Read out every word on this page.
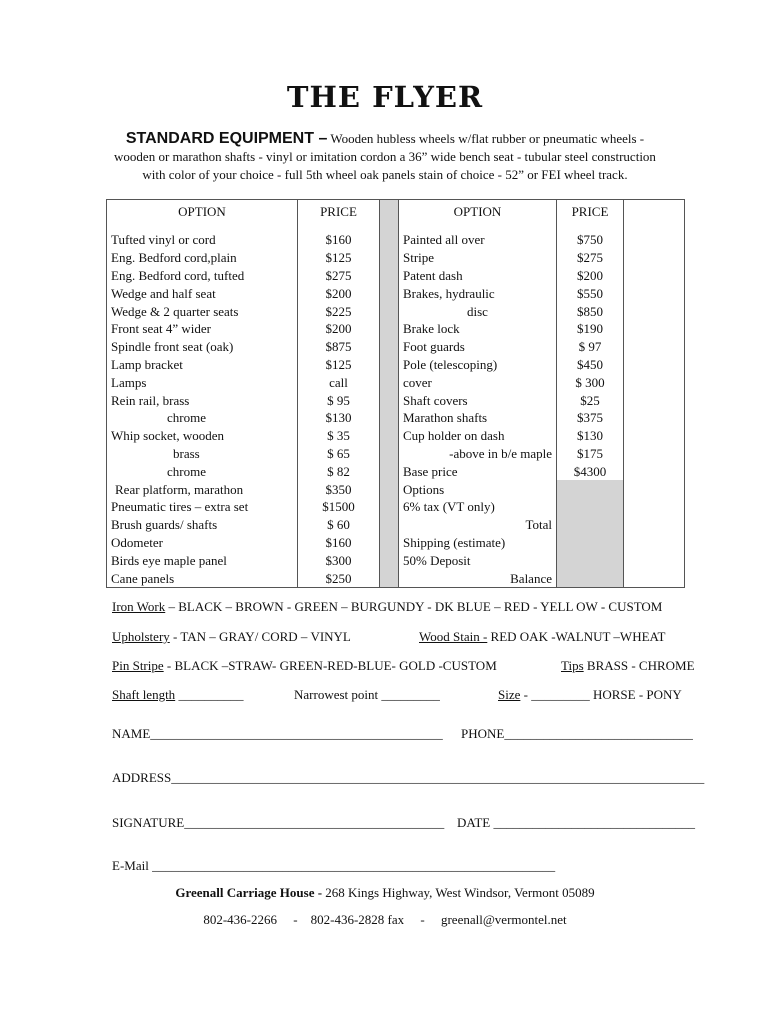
THE FLYER
STANDARD EQUIPMENT – Wooden hubless wheels w/flat rubber or pneumatic wheels - wooden or marathon shafts - vinyl or imitation cordon a 36” wide bench seat - tubular steel construction with color of your choice - full 5th wheel oak panels stain of choice - 52” or FEI wheel track.
OPTION	PRICE		OPTION	PRICE	

Tufted vinyl or cord	$160		Painted all over	$750	
Eng. Bedford cord,plain	$125		Stripe	$275	
Eng. Bedford cord, tufted	$275		Patent dash	$200	
Wedge and half seat	$200		Brakes, hydraulic	$550	
Wedge & 2 quarter seats	$225		disc	$850	
Front seat 4” wider	$200		Brake lock	$190	
Spindle front seat (oak)	$875		Foot guards	$ 97	
Lamp bracket	$125		Pole (telescoping)	$450	
Lamps	call		cover	$ 300	
Rein rail, brass	$ 95		Shaft covers	$25	
chrome	$130		Marathon shafts	$375	
Whip socket, wooden	$ 35		Cup holder on dash	$130	
brass	$ 65		-above in b/e maple	$175	
chrome	$ 82		Base price	$4300	
Rear platform, marathon	$350		Options		
Pneumatic tires – extra set	$1500		6% tax (VT only)		
Brush guards/ shafts	$ 60		Total		
Odometer	$160		Shipping (estimate)		
Birds eye maple panel	$300		50% Deposit		
Cane panels	$250		Balance		
Iron Work – BLACK – BROWN - GREEN – BURGUNDY - DK BLUE – RED - YELL OW - CUSTOM
Upholstery - TAN – GRAY/ CORD – VINYL	Wood Stain - RED OAK -WALNUT –WHEAT
Pin Stripe - BLACK –STRAW- GREEN-RED-BLUE- GOLD -CUSTOM	Tips BRASS - CHROME
Shaft length __________	Narrowest point _________	Size - _________ HORSE - PONY
NAME_____________________________________________ PHONE_____________________________
ADDRESS__________________________________________________________________________________
SIGNATURE________________________________________ DATE _______________________________
E-Mail ______________________________________________________________
Greenall Carriage House - 268 Kings Highway, West Windsor, Vermont 05089
802-436-2266 - 802-436-2828 fax - greenall@vermontel.net
